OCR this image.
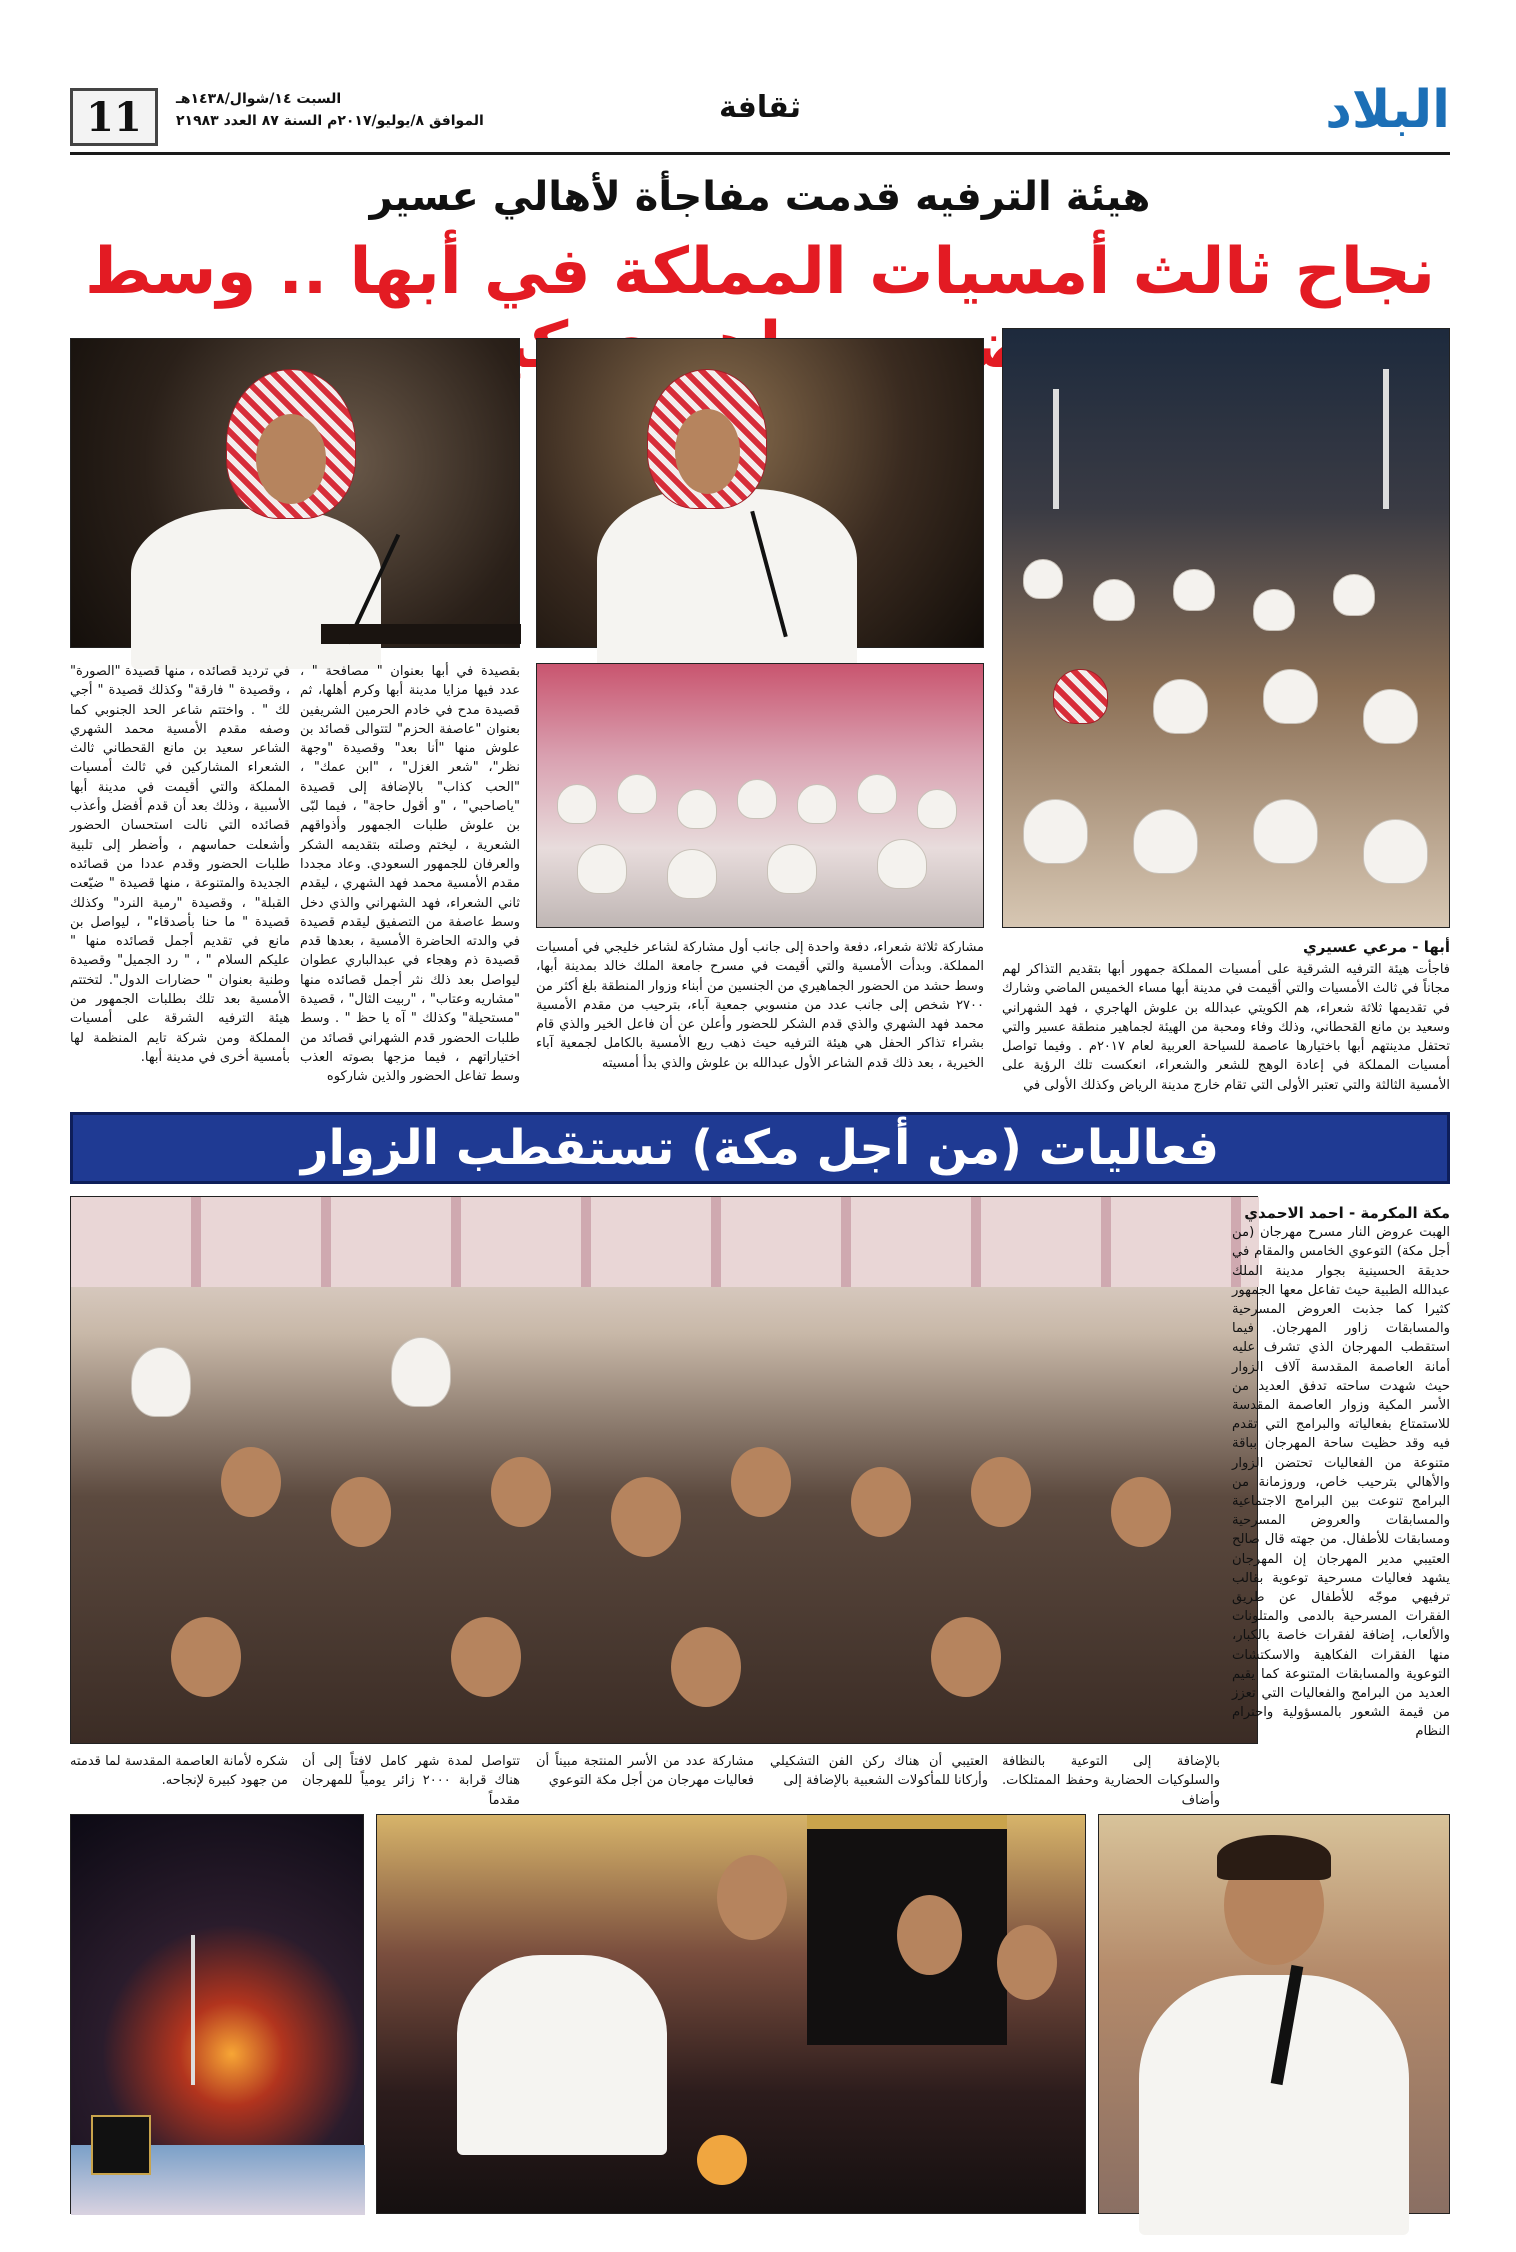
11	السبت ١٤/شوال/١٤٣٨هـ
الموافق ٨/يوليو/٢٠١٧م السنة ٨٧ العدد ٢١٩٨٣	ثقافة	البلاد
هيئة الترفيه قدمت مفاجأة لأهالي عسير
نجاح ثالث أمسيات المملكة في أبها .. وسط حضور
أبها - مرعي عسيري

فاجأت هيئة الترفيه الشرقية على أمسيات المملكة جمهور أبها بتقديم التذاكر لهم مجاناً في ثالث الأمسيات والتي أقيمت في مدينة أبها مساء الخميس الماضي وشارك في تقديمها ثلاثة شعراء، هم الكويتي عبدالله بن علوش الهاجري ، فهد الشهراني وسعيد بن مانع القحطاني، وذلك وفاء ومحبة من الهيئة لجماهير منطقة عسير والتي تحتفل مدينتهم أبها باختيارها عاصمة للسياحة العربية لعام ٢٠١٧م . وفيما تواصل أمسيات المملكة في إعادة الوهج للشعر والشعراء، انعكست تلك الرؤية على الأمسية الثالثة والتي تعتبر الأولى التي تقام خارج مدينة الرياض وكذلك الأولى في

مشاركة ثلاثة شعراء، دفعة واحدة إلى جانب أول مشاركة لشاعر خليجي في أمسيات المملكة. وبدأت الأمسية والتي أقيمت في مسرح جامعة الملك خالد بمدينة أبها، وسط حشد من الحضور الجماهيري من الجنسين من أبناء وزوار المنطقة بلغ أكثر من ٢٧٠٠ شخص إلى جانب عدد من منسوبي جمعية آباء، بترحيب من مقدم الأمسية محمد فهد الشهري والذي قدم الشكر للحضور وأعلن عن أن فاعل الخير والذي قام بشراء تذاكر الحفل هي هيئة الترفيه حيث ذهب ريع الأمسية بالكامل لجمعية آباء الخيرية ، بعد ذلك قدم الشاعر الأول عبدالله بن علوش والذي بدأ أمسيته

بقصيدة في أبها بعنوان " مصافحة " ، عدد فيها مزايا مدينة أبها وكرم أهلها، ثم قصيدة مدح في خادم الحرمين الشريفين بعنوان "عاصفة الحزم" لتتوالى قصائد بن علوش منها "أنا بعد" وقصيدة "وجهة نظر"، "شعر الغزل" ، "ابن عمك" ، "الحب كذاب" بالإضافة إلى قصيدة "ياصاحبي" ، "و أقول حاجة" ، فيما لبّى بن علوش طلبات الجمهور وأذواقهم الشعرية ، ليختم وصلته بتقديمه الشكر والعرفان للجمهور السعودي. وعاد مجددا مقدم الأمسية محمد فهد الشهري ، ليقدم ثاني الشعراء، فهد الشهراني والذي دخل وسط عاصفة من التصفيق ليقدم قصيدة في والدته الحاضرة الأمسية ، بعدها قدم قصيدة ذم وهجاء في عبدالباري عطوان ليواصل بعد ذلك نثر أجمل قصائده منها "مشاريه وعتاب" ، "ربيت الثال" ، قصيدة "مستحيلة" وكذلك " آه يا حظ " . وسط طلبات الحضور قدم الشهراني قصائد من اختياراتهم ، فيما مزجها بصوته العذب وسط تفاعل الحضور والذين شاركوه

في ترديد قصائده ، منها قصيدة "الصورة" ، وقصيدة " فارقة" وكذلك قصيدة " أجي لك " . واختتم شاعر الحد الجنوبي كما وصفه مقدم الأمسية محمد الشهري الشاعر سعيد بن مانع القحطاني ثالث الشعراء المشاركين في ثالث أمسيات المملكة والتي أقيمت في مدينة أبها الأسبية ، وذلك بعد أن قدم أفضل وأعذب قصائده التي نالت استحسان الحضور وأشعلت حماسهم ، وأضطر إلى تلبية طلبات الحضور وقدم عددا من قصائده الجديدة والمتنوعة ، منها قصيدة " ضيّعت القبلة" ، وقصيدة "رمية النرد" وكذلك قصيدة " ما حنا بأصدقاء" ، ليواصل بن مانع في تقديم أجمل قصائده منها " عليكم السلام " ، " رد الجميل" وقصيدة وطنية بعنوان " حضارات الدول". لتختتم الأمسية بعد تلك بطلبات الجمهور من هيئة الترفيه الشرقة على أمسيات المملكة ومن شركة تايم المنظمة لها بأمسية أخرى في مدينة أبها.

فعاليات (من أجل مكة) تستقطب الزوار
مكة المكرمة - احمد الاحمدي

الهبت عروض النار مسرح مهرجان (من أجل مكة) التوعوي الخامس والمقام في حديقة الحسينية بجوار مدينة الملك عبدالله الطبية حيث تفاعل معها الجمهور كثيرا كما جذبت العروض المسرحية والمسابقات زاور المهرجان. فيما استقطب المهرجان الذي تشرف عليه أمانة العاصمة المقدسة آلاف الزوار حيث شهدت ساحته تدفق العديد من الأسر المكية وزوار العاصمة المقدسة للاستمتاع بفعالياته والبرامج التي تقدم فيه وقد حظيت ساحة المهرجان بباقة متنوعة من الفعاليات تحتضن الزوار والأهالي بترحيب خاص، وروزمانة من البرامج تنوعت بين البرامج الاجتماعية والمسابقات والعروض المسرحية ومسابقات للأطفال. من جهته قال صالح العتيبي مدير المهرجان إن المهرجان يشهد فعاليات مسرحية توعوية بقالب ترفيهي موجّه للأطفال عن طريق الفقرات المسرحية بالدمى والمتلونات والألعاب، إضافة لفقرات خاصة بالكبار، منها الفقرات الفكاهية والاسكتشات التوعوية والمسابقات المتنوعة كما يقيم العديد من البرامج والفعاليات التي تعزز من قيمة الشعور بالمسؤولية واحترام النظام

بالإضافة إلى التوعية بالنظافة والسلوكيات الحضارية وحفظ الممتلكات. وأضاف

العتيبي أن هناك ركن الفن التشكيلي وأركانا للمأكولات الشعبية بالإضافة إلى

مشاركة عدد من الأسر المنتجة مبيناً أن فعاليات مهرجان من أجل مكة التوعوي

تتواصل لمدة شهر كامل لافتاً إلى أن هناك قرابة ٢٠٠٠ زائر يومياً للمهرجان مقدماً

شكره لأمانة العاصمة المقدسة لما قدمته من جهود كبيرة لإنجاحه.
